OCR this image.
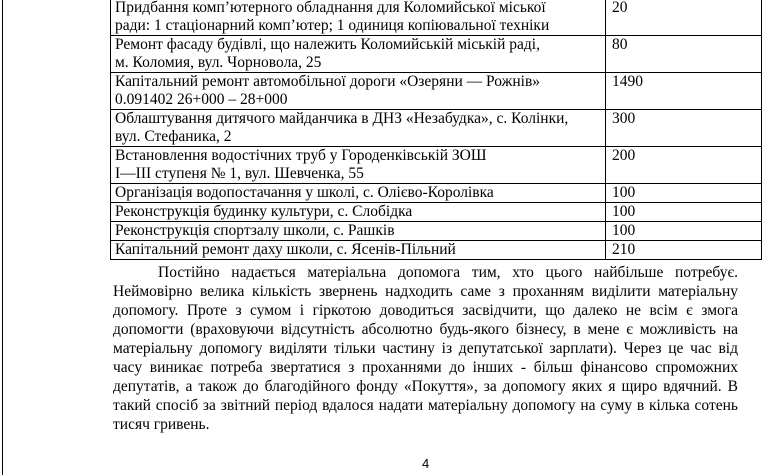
Придбання комп’ютерного обладнання для Коломийської міської
ради: 1 стаціонарний комп’ютер; 1 одиниця копіювальної техніки	20
Ремонт фасаду будівлі, що належить Коломийській міській раді,
м. Коломия, вул. Чорновола, 25	80
Капітальний ремонт автомобільної дороги «Озеряни — Рожнів»
0.091402 26+000 – 28+000	1490
Облаштування дитячого майданчика в ДНЗ «Незабудка», с. Колінки,
вул. Стефаника, 2	300
Встановлення водостічних труб у Городенківській ЗОШ
І—ІІІ ступеня № 1, вул. Шевченка, 55	200
Організація водопостачання у школі, с. Олієво-Королівка	100
Реконструкція будинку культури, с. Слобідка	100
Реконструкція спортзалу школи, с. Рашків	100
Капітальний ремонт даху школи, с. Ясенів-Пільний	210

Постійно надається матеріальна допомога тим, хто цього найбільше потребує. Неймовірно велика кількість звернень надходить саме з проханням виділити матеріальну допомогу. Проте з сумом і гіркотою доводиться засвідчити, що далеко не всім є змога допомогти (враховуючи відсутність абсолютно будь-якого бізнесу, в мене є можливість на матеріальну допомогу виділяти тільки частину із депутатської зарплати). Через це час від часу виникає потреба звертатися з проханнями до інших - більш фінансово спроможних депутатів, а також до благодійного фонду «Покуття», за допомогу яких я щиро вдячний. В такий спосіб за звітний період вдалося надати матеріальну допомогу на суму в кілька сотень тисяч гривень.

4
